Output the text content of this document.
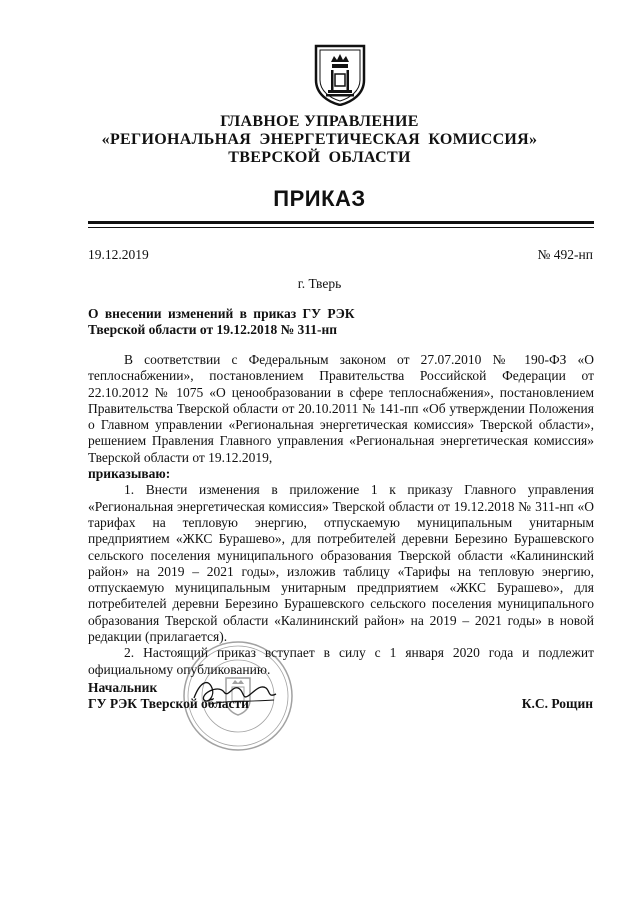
ГЛАВНОЕ УПРАВЛЕНИЕ
«РЕГИОНАЛЬНАЯ ЭНЕРГЕТИЧЕСКАЯ КОМИССИЯ»
ТВЕРСКОЙ ОБЛАСТИ
ПРИКАЗ
19.12.2019	№ 492-нп
г. Тверь
О внесении изменений в приказ ГУ РЭК
Тверской области от 19.12.2018 № 311-нп

В соответствии с Федеральным законом от 27.07.2010 № 190-ФЗ «О теплоснабжении», постановлением Правительства Российской Федерации от 22.10.2012 № 1075 «О ценообразовании в сфере теплоснабжения», постановлением Правительства Тверской области от 20.10.2011 № 141-пп «Об утверждении Положения о Главном управлении «Региональная энергетическая комиссия» Тверской области», решением Правления Главного управления «Региональная энергетическая комиссия» Тверской области от 19.12.2019,

приказываю:

1. Внести изменения в приложение 1 к приказу Главного управления «Региональная энергетическая комиссия» Тверской области от 19.12.2018 № 311-нп «О тарифах на тепловую энергию, отпускаемую муниципальным унитарным предприятием «ЖКС Бурашево», для потребителей деревни Березино Бурашевского сельского поселения муниципального образования Тверской области «Калининский район» на 2019 – 2021 годы», изложив таблицу «Тарифы на тепловую энергию, отпускаемую муниципальным унитарным предприятием «ЖКС Бурашево», для потребителей деревни Березино Бурашевского сельского поселения муниципального образования Тверской области «Калининский район» на 2019 – 2021 годы» в новой редакции (прилагается).

2. Настоящий приказ вступает в силу с 1 января 2020 года и подлежит официальному опубликованию.

Начальник
ГУ РЭК Тверской области	К.С. Рощин
